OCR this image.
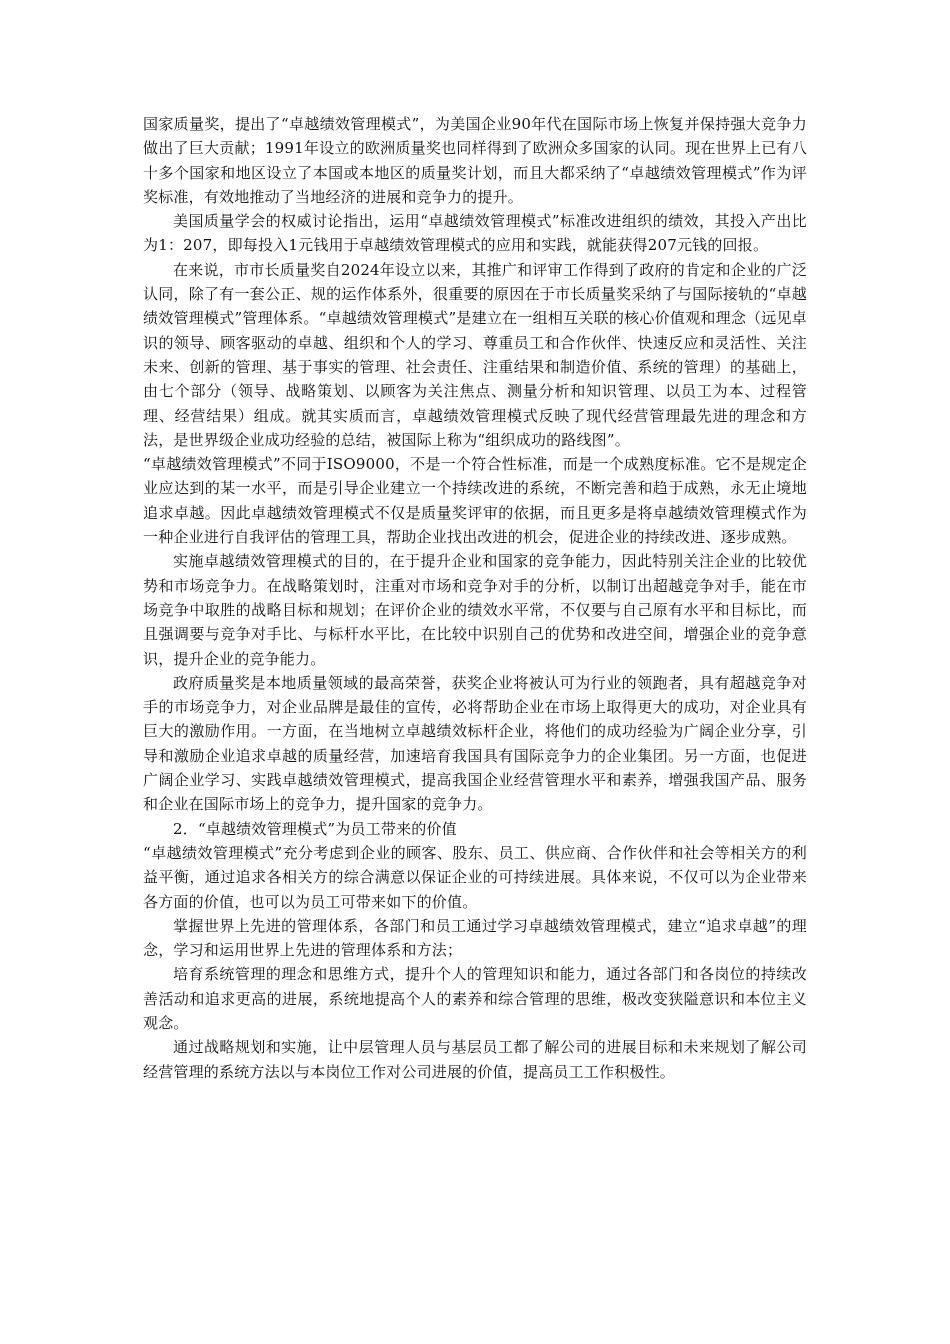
国家质量奖，提出了“卓越绩效管理模式”，为美国企业90年代在国际市场上恢复并保持强大竞争力做出了巨大贡献；1991年设立的欧洲质量奖也同样得到了欧洲众多国家的认同。现在世界上已有八十多个国家和地区设立了本国或本地区的质量奖计划，而且大都采纳了“卓越绩效管理模式”作为评奖标准，有效地推动了当地经济的进展和竞争力的提升。

美国质量学会的权威讨论指出，运用“卓越绩效管理模式”标准改进组织的绩效，其投入产出比为1：207，即每投入1元钱用于卓越绩效管理模式的应用和实践，就能获得207元钱的回报。

在来说，市市长质量奖自2024年设立以来，其推广和评审工作得到了政府的肯定和企业的广泛认同，除了有一套公正、规的运作体系外，很重要的原因在于市长质量奖采纳了与国际接轨的“卓越绩效管理模式”管理体系。“卓越绩效管理模式”是建立在一组相互关联的核心价值观和理念（远见卓识的领导、顾客驱动的卓越、组织和个人的学习、尊重员工和合作伙伴、快速反应和灵活性、关注未来、创新的管理、基于事实的管理、社会责任、注重结果和制造价值、系统的管理）的基础上，由七个部分（领导、战略策划、以顾客为关注焦点、测量分析和知识管理、以员工为本、过程管理、经营结果）组成。就其实质而言，卓越绩效管理模式反映了现代经营管理最先进的理念和方法，是世界级企业成功经验的总结，被国际上称为“组织成功的路线图”。

“卓越绩效管理模式”不同于ISO9000，不是一个符合性标准，而是一个成熟度标准。它不是规定企业应达到的某一水平，而是引导企业建立一个持续改进的系统，不断完善和趋于成熟，永无止境地追求卓越。因此卓越绩效管理模式不仅是质量奖评审的依据，而且更多是将卓越绩效管理模式作为一种企业进行自我评估的管理工具，帮助企业找出改进的机会，促进企业的持续改进、逐步成熟。

实施卓越绩效管理模式的目的，在于提升企业和国家的竞争能力，因此特别关注企业的比较优势和市场竞争力。在战略策划时，注重对市场和竞争对手的分析，以制订出超越竞争对手，能在市场竞争中取胜的战略目标和规划；在评价企业的绩效水平常，不仅要与自己原有水平和目标比，而且强调要与竞争对手比、与标杆水平比，在比较中识别自己的优势和改进空间，增强企业的竞争意识，提升企业的竞争能力。

政府质量奖是本地质量领域的最高荣誉，获奖企业将被认可为行业的领跑者，具有超越竞争对手的市场竞争力，对企业品牌是最佳的宣传，必将帮助企业在市场上取得更大的成功，对企业具有巨大的激励作用。一方面，在当地树立卓越绩效标杆企业，将他们的成功经验为广阔企业分享，引导和激励企业追求卓越的质量经营，加速培育我国具有国际竞争力的企业集团。另一方面，也促进广阔企业学习、实践卓越绩效管理模式，提高我国企业经营管理水平和素养，增强我国产品、服务和企业在国际市场上的竞争力，提升国家的竞争力。

2．“卓越绩效管理模式”为员工带来的价值

“卓越绩效管理模式”充分考虑到企业的顾客、股东、员工、供应商、合作伙伴和社会等相关方的利益平衡，通过追求各相关方的综合满意以保证企业的可持续进展。具体来说，不仅可以为企业带来各方面的价值，也可以为员工可带来如下的价值。

掌握世界上先进的管理体系，各部门和员工通过学习卓越绩效管理模式，建立“追求卓越”的理念，学习和运用世界上先进的管理体系和方法；

培育系统管理的理念和思维方式，提升个人的管理知识和能力，通过各部门和各岗位的持续改善活动和追求更高的进展，系统地提高个人的素养和综合管理的思维，极改变狭隘意识和本位主义观念。

通过战略规划和实施，让中层管理人员与基层员工都了解公司的进展目标和未来规划了解公司经营管理的系统方法以与本岗位工作对公司进展的价值，提高员工工作积极性。
